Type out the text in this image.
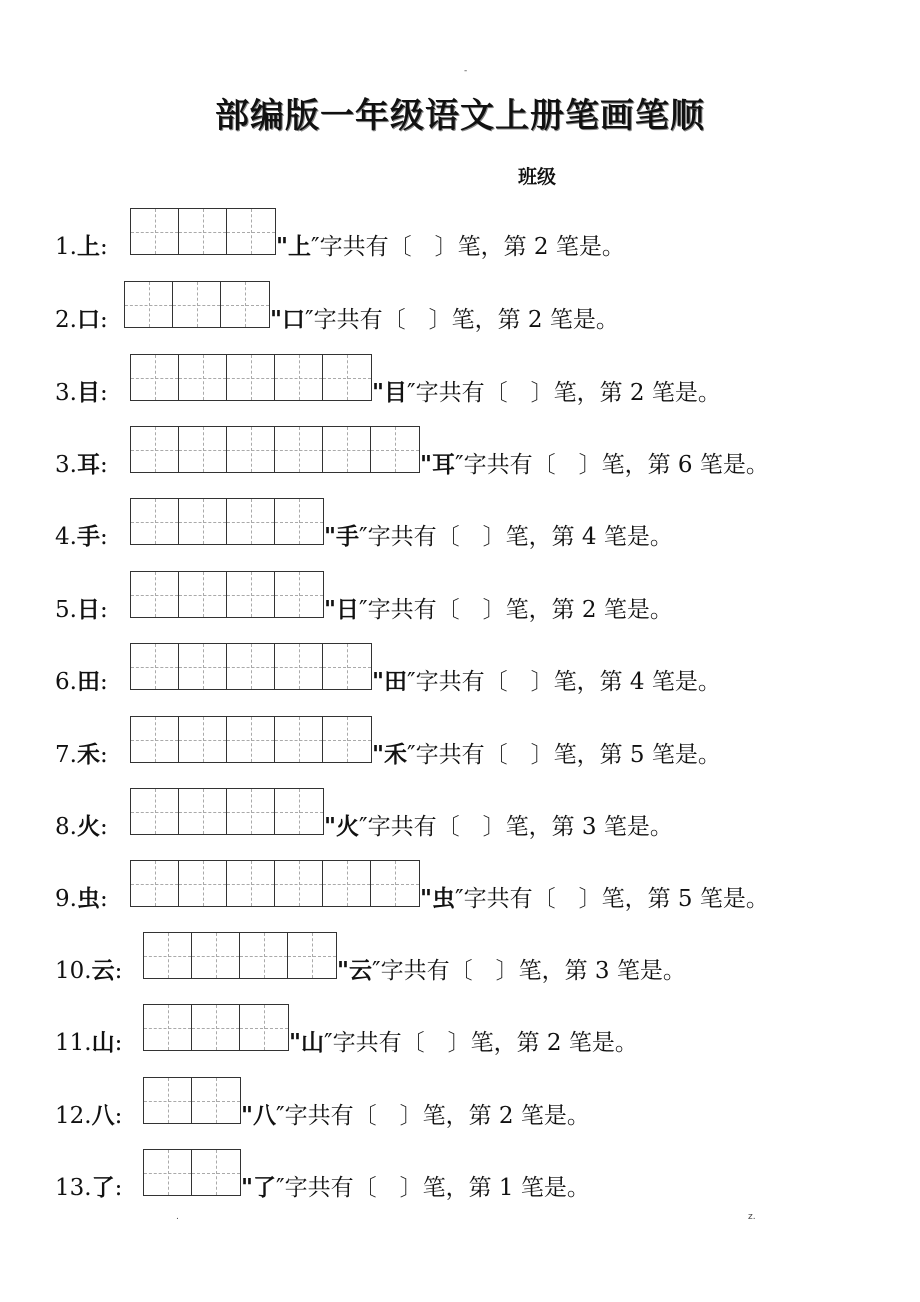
-
部编版一年级语文上册笔画笔顺
班级
1.上:	"上″字共有〔　〕笔，第 2 笔是。
2.口:	"口″字共有〔　〕笔，第 2 笔是。
3.目:	"目″字共有〔　〕笔，第 2 笔是。
3.耳:	"耳″字共有〔　〕笔，第 6 笔是。
4.手:	"手″字共有〔　〕笔，第 4 笔是。
5.日:	"日″字共有〔　〕笔，第 2 笔是。
6.田:	"田″字共有〔　〕笔，第 4 笔是。
7.禾:	"禾″字共有〔　〕笔，第 5 笔是。
8.火:	"火″字共有〔　〕笔，第 3 笔是。
9.虫:	"虫″字共有〔　〕笔，第 5 笔是。
10.云:	"云″字共有〔　〕笔，第 3 笔是。
11.山:	"山″字共有〔　〕笔，第 2 笔是。
12.八:	"八″字共有〔　〕笔，第 2 笔是。
13.了:	"了″字共有〔　〕笔，第 1 笔是。
.	z.
